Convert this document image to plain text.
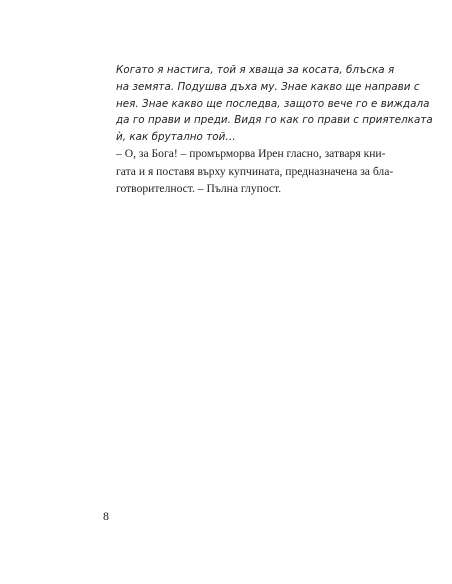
Когато я настига, той я хваща за косата, блъска я
на земята. Подушва дъха му. Знае какво ще направи с
нея. Знае какво ще последва, защото вече го е виждала
да го прави и преди. Видя го как го прави с приятелката
ѝ, как брутално той…
– О, за Бога! – промърморва Ирен гласно, затваря кни-
гата и я поставя върху купчината, предназначена за бла-
готворителност. – Пълна глупост.
8
